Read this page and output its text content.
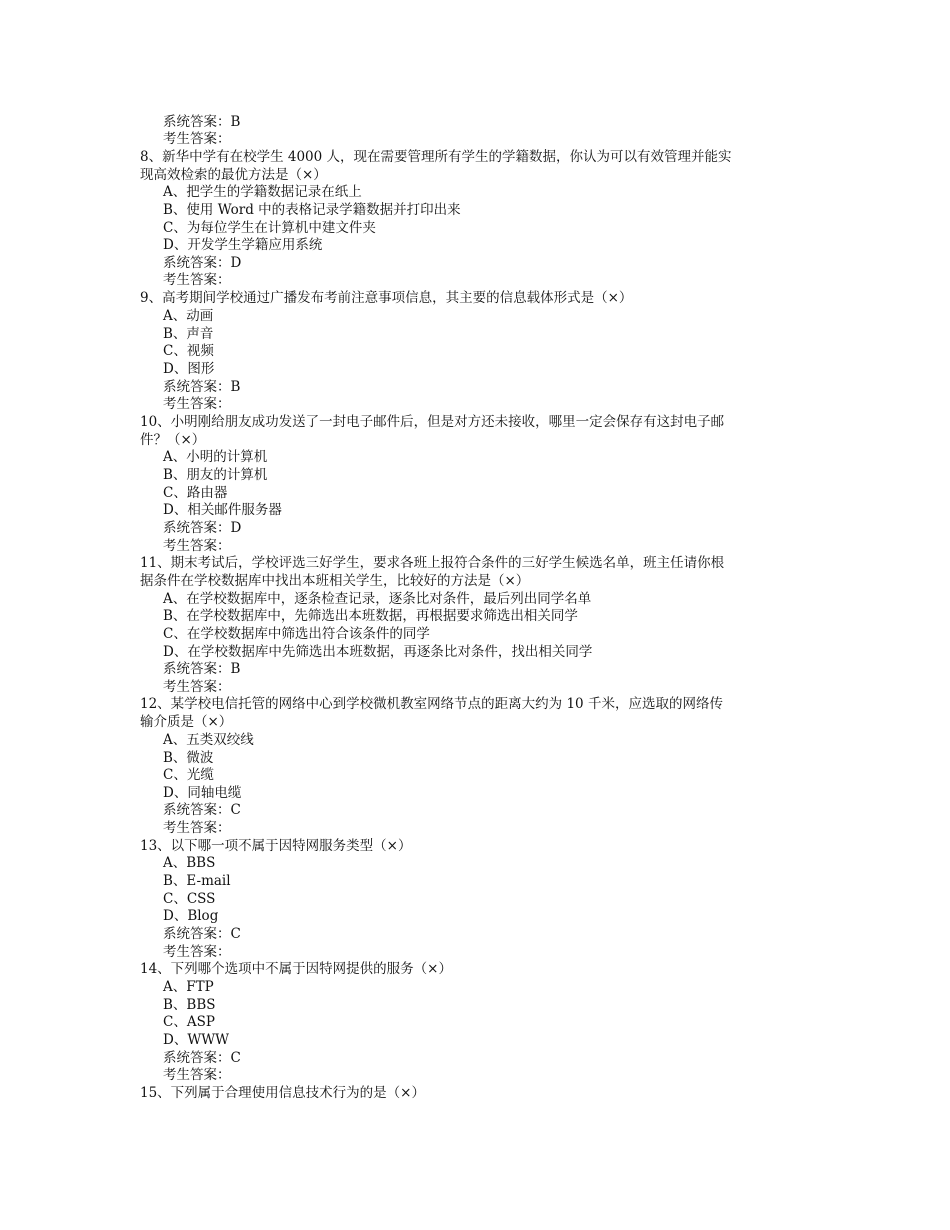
系统答案：B
考生答案：
8、新华中学有在校学生 4000 人，现在需要管理所有学生的学籍数据，你认为可以有效管理并能实
现高效检索的最优方法是（×）
A、把学生的学籍数据记录在纸上
B、使用 Word 中的表格记录学籍数据并打印出来
C、为每位学生在计算机中建文件夹
D、开发学生学籍应用系统
系统答案：D
考生答案：
9、高考期间学校通过广播发布考前注意事项信息，其主要的信息载体形式是（×）
A、动画
B、声音
C、视频
D、图形
系统答案：B
考生答案：
10、小明刚给朋友成功发送了一封电子邮件后，但是对方还未接收，哪里一定会保存有这封电子邮
件？（×）
A、小明的计算机
B、朋友的计算机
C、路由器
D、相关邮件服务器
系统答案：D
考生答案：
11、期末考试后，学校评选三好学生，要求各班上报符合条件的三好学生候选名单，班主任请你根
据条件在学校数据库中找出本班相关学生，比较好的方法是（×）
A、在学校数据库中，逐条检查记录，逐条比对条件，最后列出同学名单
B、在学校数据库中，先筛选出本班数据，再根据要求筛选出相关同学
C、在学校数据库中筛选出符合该条件的同学
D、在学校数据库中先筛选出本班数据，再逐条比对条件，找出相关同学
系统答案：B
考生答案：
12、某学校电信托管的网络中心到学校微机教室网络节点的距离大约为 10 千米，应选取的网络传
输介质是（×）
A、五类双绞线
B、微波
C、光缆
D、同轴电缆
系统答案：C
考生答案：
13、以下哪一项不属于因特网服务类型（×）
A、BBS
B、E-mail
C、CSS
D、Blog
系统答案：C
考生答案：
14、下列哪个选项中不属于因特网提供的服务（×）
A、FTP
B、BBS
C、ASP
D、WWW
系统答案：C
考生答案：
15、下列属于合理使用信息技术行为的是（×）
